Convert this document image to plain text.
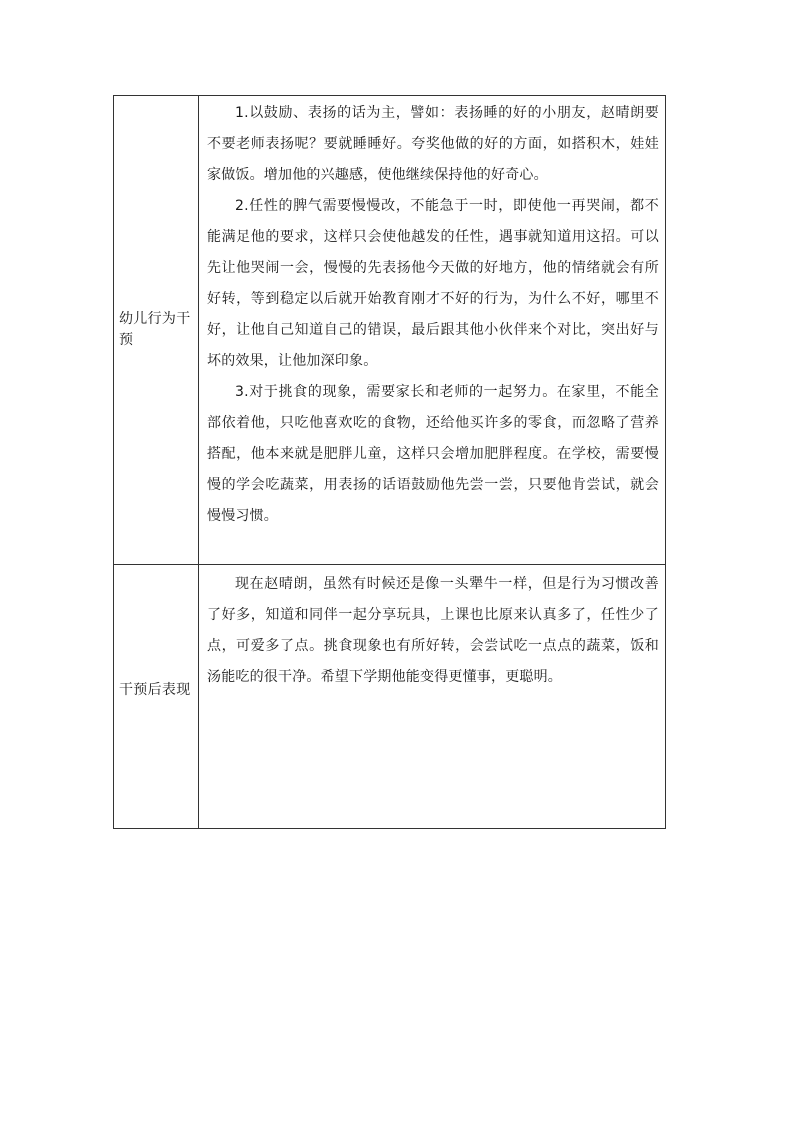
幼儿行为干预	1.以鼓励、表扬的话为主，譬如：表扬睡的好的小朋友，赵晴朗要不要老师表扬呢？要就睡睡好。夸奖他做的好的方面，如搭积木，娃娃家做饭。增加他的兴趣感，使他继续保持他的好奇心。

2.任性的脾气需要慢慢改，不能急于一时，即使他一再哭闹，都不能满足他的要求，这样只会使他越发的任性，遇事就知道用这招。可以先让他哭闹一会，慢慢的先表扬他今天做的好地方，他的情绪就会有所好转，等到稳定以后就开始教育刚才不好的行为，为什么不好，哪里不好，让他自己知道自己的错误，最后跟其他小伙伴来个对比，突出好与坏的效果，让他加深印象。

3.对于挑食的现象，需要家长和老师的一起努力。在家里，不能全部依着他，只吃他喜欢吃的食物，还给他买许多的零食，而忽略了营养搭配，他本来就是肥胖儿童，这样只会增加肥胖程度。在学校，需要慢慢的学会吃蔬菜，用表扬的话语鼓励他先尝一尝，只要他肯尝试，就会慢慢习惯。

干预后表现	现在赵晴朗，虽然有时候还是像一头犟牛一样，但是行为习惯改善了好多，知道和同伴一起分享玩具，上课也比原来认真多了，任性少了点，可爱多了点。挑食现象也有所好转，会尝试吃一点点的蔬菜，饭和汤能吃的很干净。希望下学期他能变得更懂事，更聪明。
